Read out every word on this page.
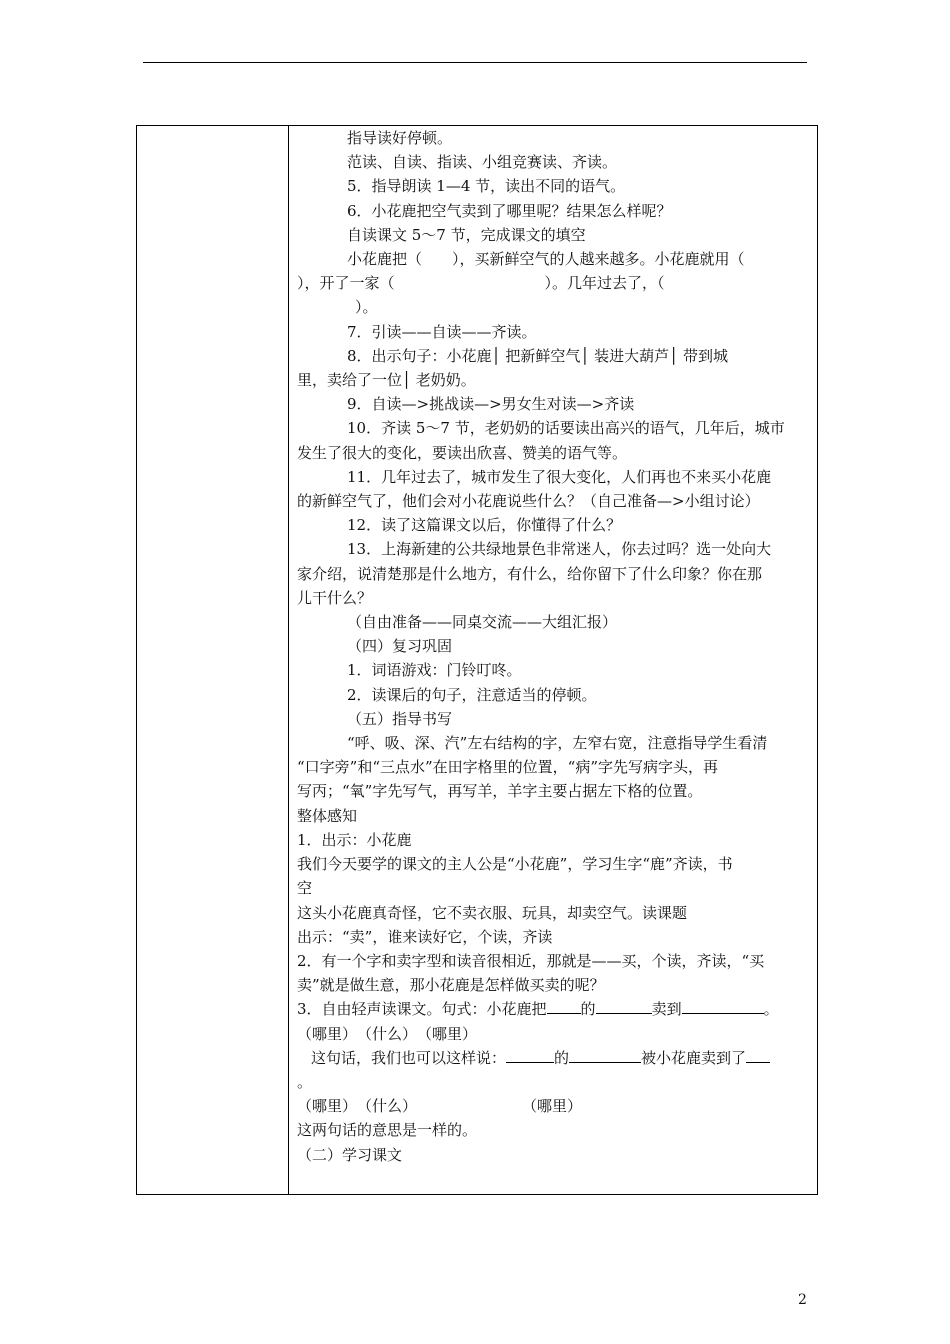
指导读好停顿。

范读、自读、指读、小组竞赛读、齐读。

5．指导朗读 1—4 节，读出不同的语气。

6．小花鹿把空气卖到了哪里呢？结果怎么样呢？

自读课文 5～7 节，完成课文的填空

小花鹿把（　　），买新鲜空气的人越来越多。小花鹿就用（

），开了一家（　　　　　　　　　　）。几年过去了，（

）。

7．引读——自读——齐读。

8．出示句子：小花鹿│ 把新鲜空气│ 装进大葫芦│ 带到城

里，卖给了一位│ 老奶奶。

9．自读—>挑战读—>男女生对读—>齐读

10．齐读 5～7 节，老奶奶的话要读出高兴的语气，几年后，城市

发生了很大的变化，要读出欣喜、赞美的语气等。

11．几年过去了，城市发生了很大变化，人们再也不来买小花鹿

的新鲜空气了，他们会对小花鹿说些什么？（自己准备—>小组讨论）

12．读了这篇课文以后，你懂得了什么？

13．上海新建的公共绿地景色非常迷人，你去过吗？选一处向大

家介绍，说清楚那是什么地方，有什么，给你留下了什么印象？你在那

儿干什么？

（自由准备——同桌交流——大组汇报）

（四）复习巩固

1．词语游戏：门铃叮咚。

2．读课后的句子，注意适当的停顿。

（五）指导书写

“呼、吸、深、汽”左右结构的字，左窄右宽，注意指导学生看清

“口字旁”和“三点水”在田字格里的位置，“病”字先写病字头，再

写丙；“氧”字先写气，再写羊，羊字主要占据左下格的位置。

整体感知

1．出示：小花鹿

我们今天要学的课文的主人公是“小花鹿”，学习生字“鹿”齐读，书

空

这头小花鹿真奇怪，它不卖衣服、玩具，却卖空气。读课题

出示：“卖”，谁来读好它，个读，齐读

2．有一个字和卖字型和读音很相近，那就是——买，个读，齐读，“买

卖”就是做生意，那小花鹿是怎样做买卖的呢？

3．自由轻声读课文。句式：小花鹿把 的	卖到	。

（哪里）　（什么）　（哪里）

这句话，我们也可以这样说：	的	被小花鹿卖到了

。

（哪里）　（什么）　　　　　　　　（哪里）

这两句话的意思是一样的。

（二）学习课文

2
